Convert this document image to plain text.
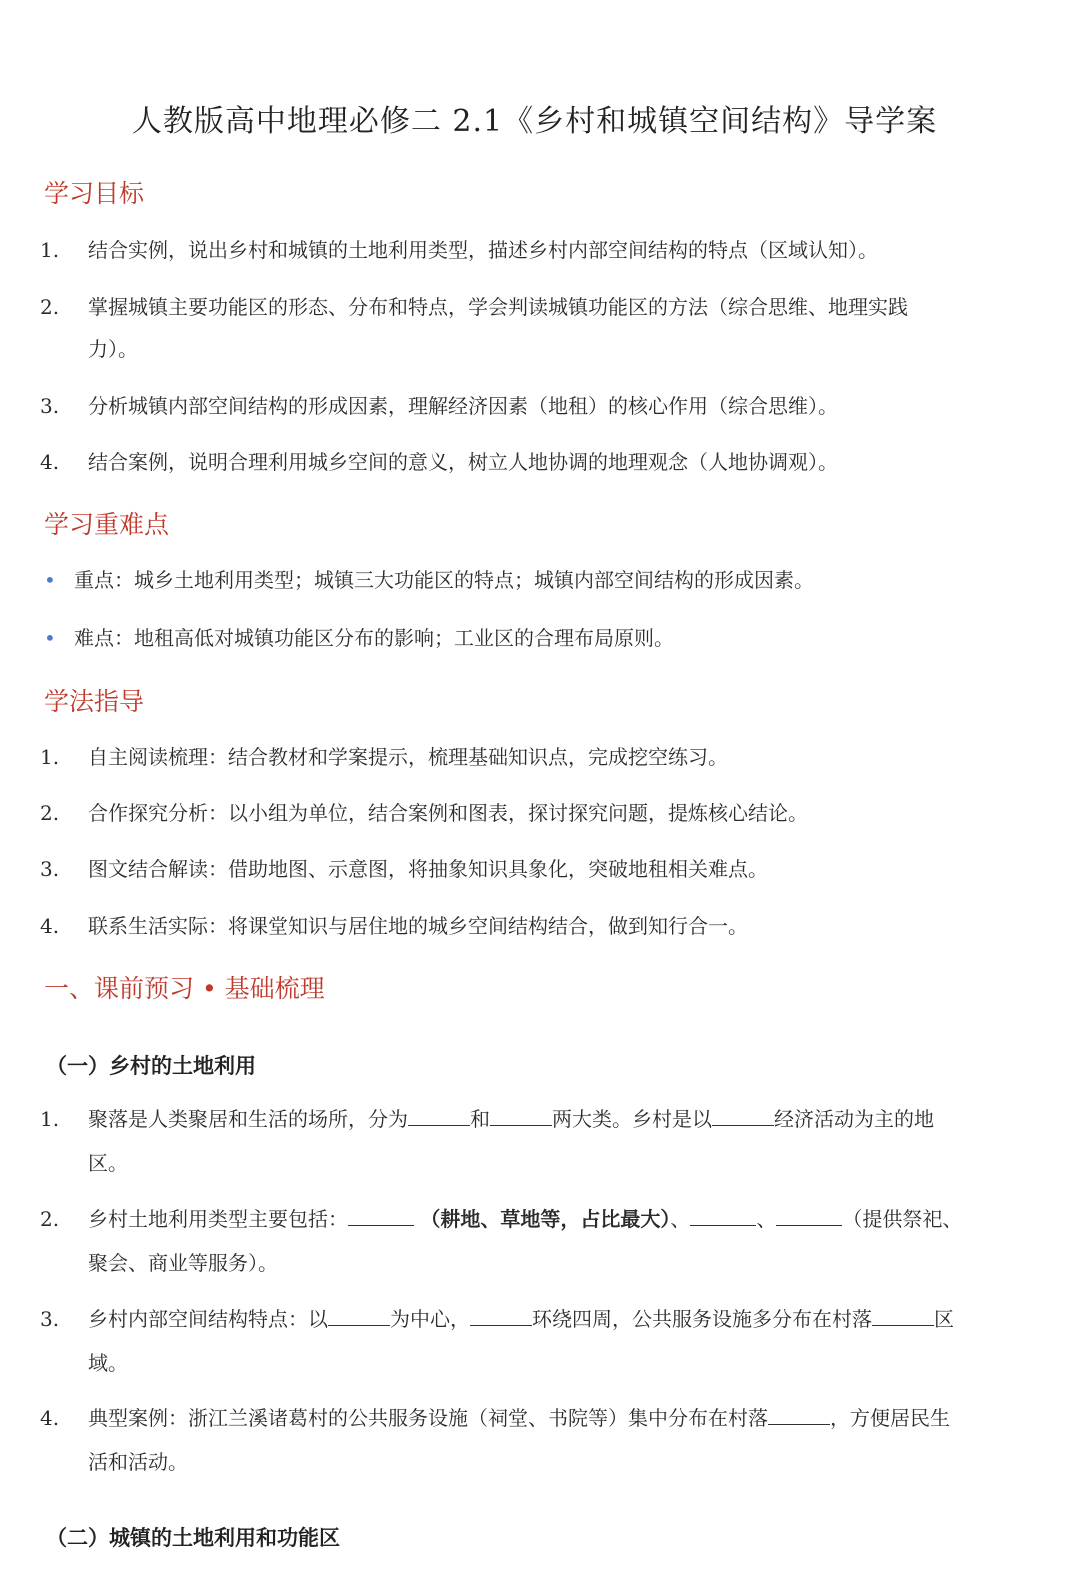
人教版高中地理必修二 2.1《乡村和城镇空间结构》导学案
学习目标
1. 结合实例，说出乡村和城镇的土地利用类型，描述乡村内部空间结构的特点（区域认知）。
2. 掌握城镇主要功能区的形态、分布和特点，学会判读城镇功能区的方法（综合思维、地理实践
力）。
3. 分析城镇内部空间结构的形成因素，理解经济因素（地租）的核心作用（综合思维）。
4. 结合案例，说明合理利用城乡空间的意义，树立人地协调的地理观念（人地协调观）。
学习重难点
• 重点：城乡土地利用类型；城镇三大功能区的特点；城镇内部空间结构的形成因素。
• 难点：地租高低对城镇功能区分布的影响；工业区的合理布局原则。
学法指导
1. 自主阅读梳理：结合教材和学案提示，梳理基础知识点，完成挖空练习。
2. 合作探究分析：以小组为单位，结合案例和图表，探讨探究问题，提炼核心结论。
3. 图文结合解读：借助地图、示意图，将抽象知识具象化，突破地租相关难点。
4. 联系生活实际：将课堂知识与居住地的城乡空间结构结合，做到知行合一。
一、课前预习 • 基础梳理
（一）乡村的土地利用
1. 聚落是人类聚居和生活的场所，分为	和	两大类。乡村是以	经济活动为主的地
区。
2. 乡村土地利用类型主要包括：	（耕地、草地等，占比最大）、	、	（提供祭祀、
聚会、商业等服务）。
3. 乡村内部空间结构特点：以	为中心，	环绕四周，公共服务设施多分布在村落	区
域。
4. 典型案例：浙江兰溪诸葛村的公共服务设施（祠堂、书院等）集中分布在村落	，方便居民生
活和活动。
（二）城镇的土地利用和功能区
